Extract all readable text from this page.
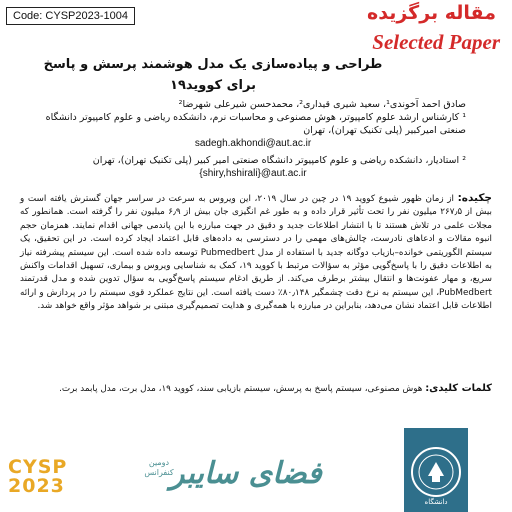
Code: CYSP2023-1004	مقاله برگزیده
Selected Paper
طراحی و پیاده‌سازی یک مدل هوشمند پرسش و پاسخ برای کووید۱۹

صادق احمد آخوندی¹، سعید شیری قیداری²، محمدحسن شیرعلی شهرضا²

¹ کارشناس ارشد علوم کامپیوتر، هوش مصنوعی و محاسبات نرم، دانشکده ریاضی و علوم کامپیوتر دانشگاه صنعتی امیرکبیر (پلی تکنیک تهران)، تهران

sadegh.akhondi@aut.ac.ir

² استادیار، دانشکده ریاضی و علوم کامپیوتر دانشگاه صنعتی امیر کبیر (پلی تکنیک تهران)، تهران

{shiry,hshirali}@aut.ac.ir

چکیده: از زمان ظهور شیوع کووید ۱۹ در چین در سال ۲۰۱۹، این ویروس به سرعت در سراسر جهان گسترش یافته است و بیش از ۲۶۷٫۵ میلیون نفر را تحت تأثیر قرار داده و به طور غم انگیزی جان بیش از ۶٫۹ میلیون نفر را گرفته است. همانطور که مجلات علمی در تلاش هستند تا با انتشار اطلاعات جدید و دقیق در جهت مبارزه با این پاندمی جهانی اقدام نمایند. همزمان حجم انبوه مقالات و ادعاهای نادرست، چالش‌های مهمی را در دسترسی به داده‌های قابل اعتماد ایجاد کرده است. در این تحقیق، یک سیستم الگوریتمی خوانده–بازیاب دوگانه جدید با استفاده از مدل Pubmedbert توسعه داده شده است. این سیستم پیشرفته نیاز به اطلاعات دقیق را با پاسخ‌گویی مؤثر به سؤالات مرتبط با کووید ۱۹، کمک به شناسایی ویروس و بیماری، تسهیل اقدامات واکنش سریع، و مهار عفونت‌ها و انتقال بیشتر برطرف می‌کند. از طریق ادغام سیستم پاسخ‌گویی به سؤال تدوین شده و مدل قدرتمند PubMedbert، این سیستم به نرخ دقت چشمگیر ۸۰٫۱۴۸٪ دست یافته است. این نتایج عملکرد قوی سیستم را در پردازش و ارائه اطلاعات قابل اعتماد نشان می‌دهد، بنابراین در مبارزه با همه‌گیری و هدایت تصمیم‌گیری مبتنی بر شواهد مؤثر واقع خواهد شد.
کلمات کلیدی: هوش مصنوعی، سیستم پاسخ به پرسش، سیستم بازیابی سند، کووید ۱۹، مدل برت، مدل پابمد برت.
CYSP
2023
دومین کنفرانس
فضای سایبر
دانشگاه
